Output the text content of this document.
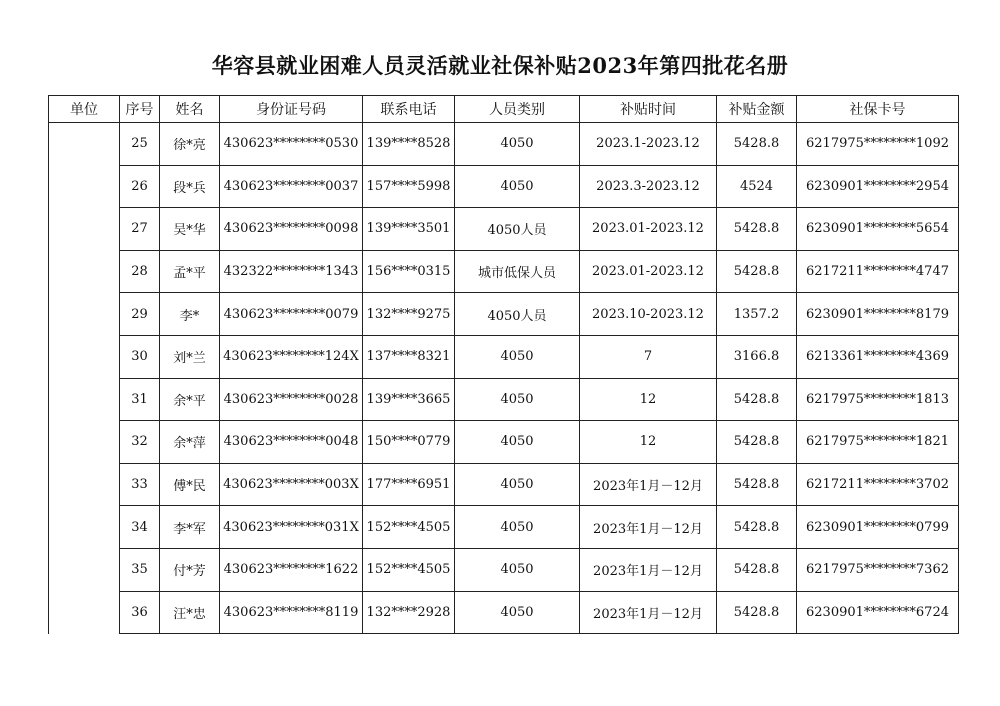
华容县就业困难人员灵活就业社保补贴2023年第四批花名册
单位	序号	姓名	身份证号码	联系电话	人员类别	补贴时间	补贴金额	社保卡号
	25	徐*亮	430623********0530	139****8528	4050	2023.1-2023.12	5428.8	6217975********1092
	26	段*兵	430623********0037	157****5998	4050	2023.3-2023.12	4524	6230901********2954
	27	吴*华	430623********0098	139****3501	4050人员	2023.01-2023.12	5428.8	6230901********5654
	28	孟*平	432322********1343	156****0315	城市低保人员	2023.01-2023.12	5428.8	6217211********4747
	29	李*	430623********0079	132****9275	4050人员	2023.10-2023.12	1357.2	6230901********8179
	30	刘*兰	430623********124X	137****8321	4050	7	3166.8	6213361********4369
	31	余*平	430623********0028	139****3665	4050	12	5428.8	6217975********1813
	32	余*萍	430623********0048	150****0779	4050	12	5428.8	6217975********1821
	33	傅*民	430623********003X	177****6951	4050	2023年1月－12月	5428.8	6217211********3702
	34	李*军	430623********031X	152****4505	4050	2023年1月－12月	5428.8	6230901********0799
	35	付*芳	430623********1622	152****4505	4050	2023年1月－12月	5428.8	6217975********7362
	36	汪*忠	430623********8119	132****2928	4050	2023年1月－12月	5428.8	6230901********6724
